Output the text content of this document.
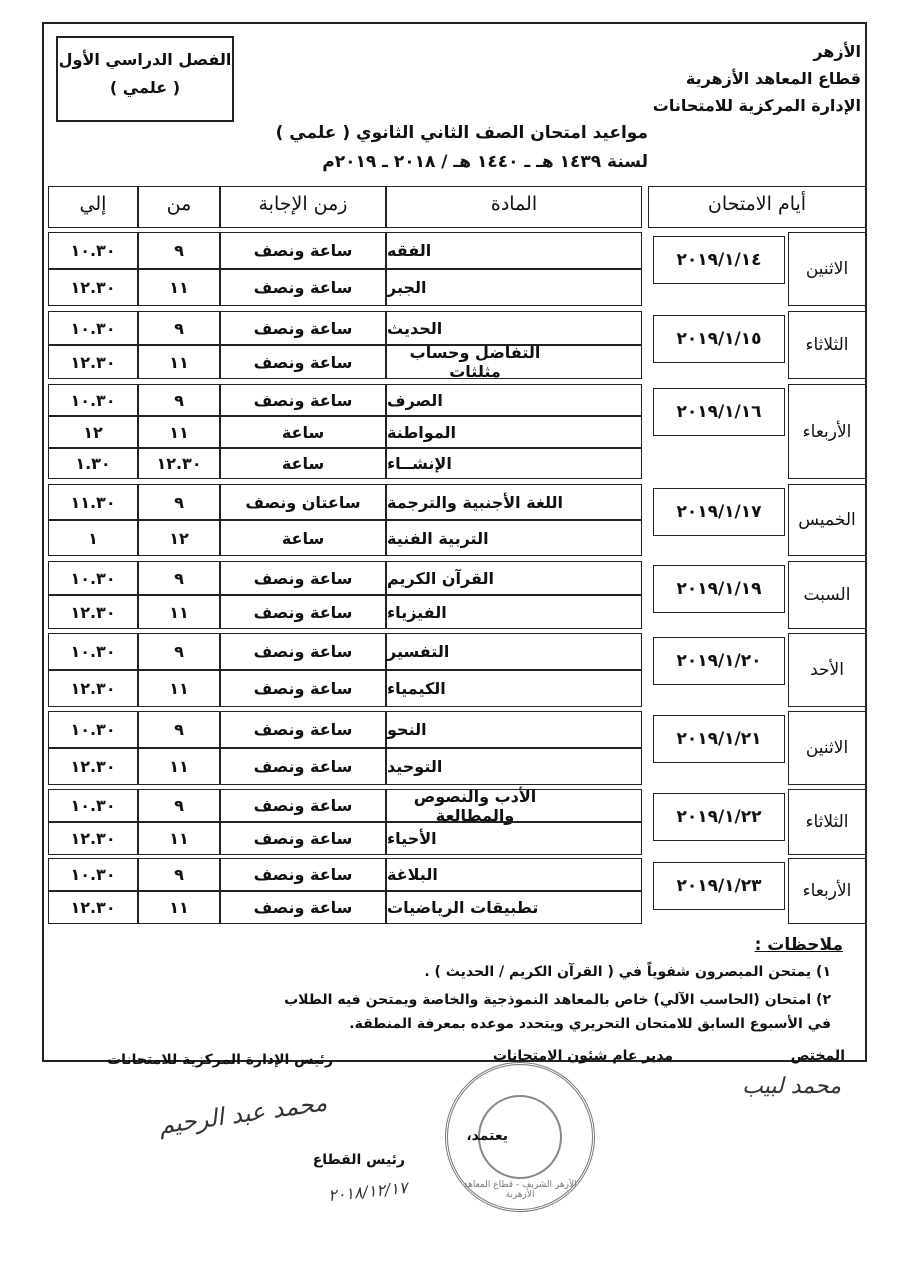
الأزهر
قطاع المعاهد الأزهرية
الإدارة المركزية للامتحانات
الفصل الدراسي الأول
( علمي )
مواعيد امتحان الصف الثاني الثانوي ( علمي )
لسنة ١٤٣٩ هـ ـ ١٤٤٠ هـ / ٢٠١٨ ـ ٢٠١٩م
أيام الامتحان
المادة
زمن الإجابة
من
إلي
الاثنين
٢٠١٩/١/١٤
الفقه
ساعة ونصف
٩
١٠.٣٠
الجبر
ساعة ونصف
١١
١٢.٣٠
الثلاثاء
٢٠١٩/١/١٥
الحديث
ساعة ونصف
٩
١٠.٣٠
التفاضل وحساب مثلثات
ساعة ونصف
١١
١٢.٣٠
الأربعاء
٢٠١٩/١/١٦
الصرف
ساعة ونصف
٩
١٠.٣٠
المواطنة
ساعة
١١
١٢
الإنشــاء
ساعة
١٢.٣٠
١.٣٠
الخميس
٢٠١٩/١/١٧
اللغة الأجنبية والترجمة
ساعتان ونصف
٩
١١.٣٠
التربية الفنية
ساعة
١٢
١
السبت
٢٠١٩/١/١٩
القرآن الكريم
ساعة ونصف
٩
١٠.٣٠
الفيزياء
ساعة ونصف
١١
١٢.٣٠
الأحد
٢٠١٩/١/٢٠
التفسير
ساعة ونصف
٩
١٠.٣٠
الكيمياء
ساعة ونصف
١١
١٢.٣٠
الاثنين
٢٠١٩/١/٢١
النحو
ساعة ونصف
٩
١٠.٣٠
التوحيد
ساعة ونصف
١١
١٢.٣٠
الثلاثاء
٢٠١٩/١/٢٢
الأدب والنصوص والمطالعة
ساعة ونصف
٩
١٠.٣٠
الأحياء
ساعة ونصف
١١
١٢.٣٠
الأربعاء
٢٠١٩/١/٢٣
البلاغة
ساعة ونصف
٩
١٠.٣٠
تطبيقات الرياضيات
ساعة ونصف
١١
١٢.٣٠
ملاحظات :
١) يمتحن المبصرون شفوياً في ( القرآن الكريم / الحديث ) .
٢) امتحان (الحاسب الآلي) خاص بالمعاهد النموذجية والخاصة ويمتحن فيه الطلاب
في الأسبوع السابق للامتحان التحريري ويتحدد موعده بمعرفة المنطقة.
المختص
مدير عام شئون الامتحانات
رئيس الإدارة المركزية للامتحانات
محمد لبيب
محمد عبد الرحيم
الأزهر الشريف - قطاع المعاهد الأزهرية
يعتمد،
رئيس القطاع
٢٠١٨/١٢/١٧
